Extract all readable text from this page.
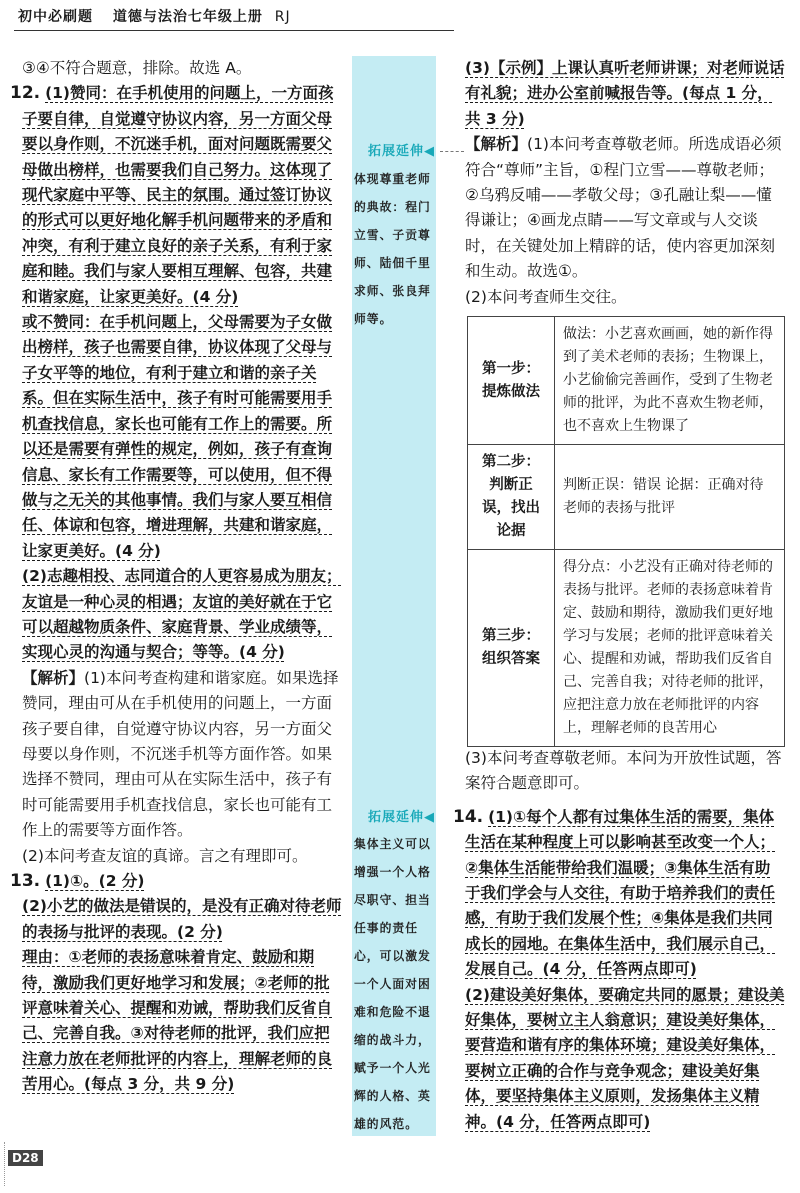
初中必刷题 道德与法治七年级上册 RJ

③④不符合题意，排除。故选 A。

12. (1)赞同：在手机使用的问题上，一方面孩子要自律，自觉遵守协议内容，另一方面父母要以身作则，不沉迷手机，面对问题既需要父母做出榜样，也需要我们自己努力。这体现了现代家庭中平等、民主的氛围。通过签订协议的形式可以更好地化解手机问题带来的矛盾和冲突，有利于建立良好的亲子关系，有利于家庭和睦。我们与家人要相互理解、包容，共建和谐家庭，让家更美好。(4 分)

或不赞同：在手机问题上，父母需要为子女做出榜样，孩子也需要自律，协议体现了父母与子女平等的地位，有利于建立和谐的亲子关系。但在实际生活中，孩子有时可能需要用手机查找信息，家长也可能有工作上的需要。所以还是需要有弹性的规定，例如，孩子有查询信息、家长有工作需要等，可以使用，但不得做与之无关的其他事情。我们与家人要互相信任、体谅和包容，增进理解，共建和谐家庭，让家更美好。(4 分)

(2)志趣相投、志同道合的人更容易成为朋友；友谊是一种心灵的相遇；友谊的美好就在于它可以超越物质条件、家庭背景、学业成绩等，实现心灵的沟通与契合；等等。(4 分)

【解析】(1)本问考查构建和谐家庭。如果选择赞同，理由可从在手机使用的问题上，一方面孩子要自律，自觉遵守协议内容，另一方面父母要以身作则，不沉迷手机等方面作答。如果选择不赞同，理由可从在实际生活中，孩子有时可能需要用手机查找信息，家长也可能有工作上的需要等方面作答。

(2)本问考查友谊的真谛。言之有理即可。

13. (1)①。(2 分)

(2)小艺的做法是错误的，是没有正确对待老师的表扬与批评的表现。(2 分)

理由：①老师的表扬意味着肯定、鼓励和期待，激励我们更好地学习和发展；②老师的批评意味着关心、提醒和劝诫，帮助我们反省自己、完善自我。③对待老师的批评，我们应把注意力放在老师批评的内容上，理解老师的良苦用心。(每点 3 分，共 9 分)

拓展延伸◀
体现尊重老师的典故：程门立雪、子贡尊师、陆佃千里求师、张良拜师等。
拓展延伸◀
集体主义可以增强一个人格尽职守、担当任事的责任心，可以激发一个人面对困难和危险不退缩的战斗力，赋予一个人光辉的人格、英雄的风范。

(3)【示例】上课认真听老师讲课；对老师说话有礼貌；进办公室前喊报告等。(每点 1 分，共 3 分)

【解析】(1)本问考查尊敬老师。所选成语必须符合“尊师”主旨，①程门立雪——尊敬老师；②乌鸦反哺——孝敬父母；③孔融让梨——懂得谦让；④画龙点睛——写文章或与人交谈时，在关键处加上精辟的话，使内容更加深刻和生动。故选①。

(2)本问考查师生交往。

第一步：提炼做法	做法：小艺喜欢画画，她的新作得到了美术老师的表扬；生物课上，小艺偷偷完善画作，受到了生物老师的批评，为此不喜欢生物老师，也不喜欢上生物课了
第二步：判断正误，找出论据	判断正误：错误 论据：正确对待老师的表扬与批评
第三步：组织答案	得分点：小艺没有正确对待老师的表扬与批评。老师的表扬意味着肯定、鼓励和期待，激励我们更好地学习与发展；老师的批评意味着关心、提醒和劝诫，帮助我们反省自己、完善自我；对待老师的批评，应把注意力放在老师批评的内容上，理解老师的良苦用心

(3)本问考查尊敬老师。本问为开放性试题，答案符合题意即可。

14. (1)①每个人都有过集体生活的需要，集体生活在某种程度上可以影响甚至改变一个人；②集体生活能带给我们温暖；③集体生活有助于我们学会与人交往，有助于培养我们的责任感，有助于我们发展个性；④集体是我们共同成长的园地。在集体生活中，我们展示自己，发展自己。(4 分，任答两点即可)

(2)建设美好集体，要确定共同的愿景；建设美好集体，要树立主人翁意识；建设美好集体，要营造和谐有序的集体环境；建设美好集体，要树立正确的合作与竞争观念；建设美好集体，要坚持集体主义原则，发扬集体主义精神。(4 分，任答两点即可)

D28
